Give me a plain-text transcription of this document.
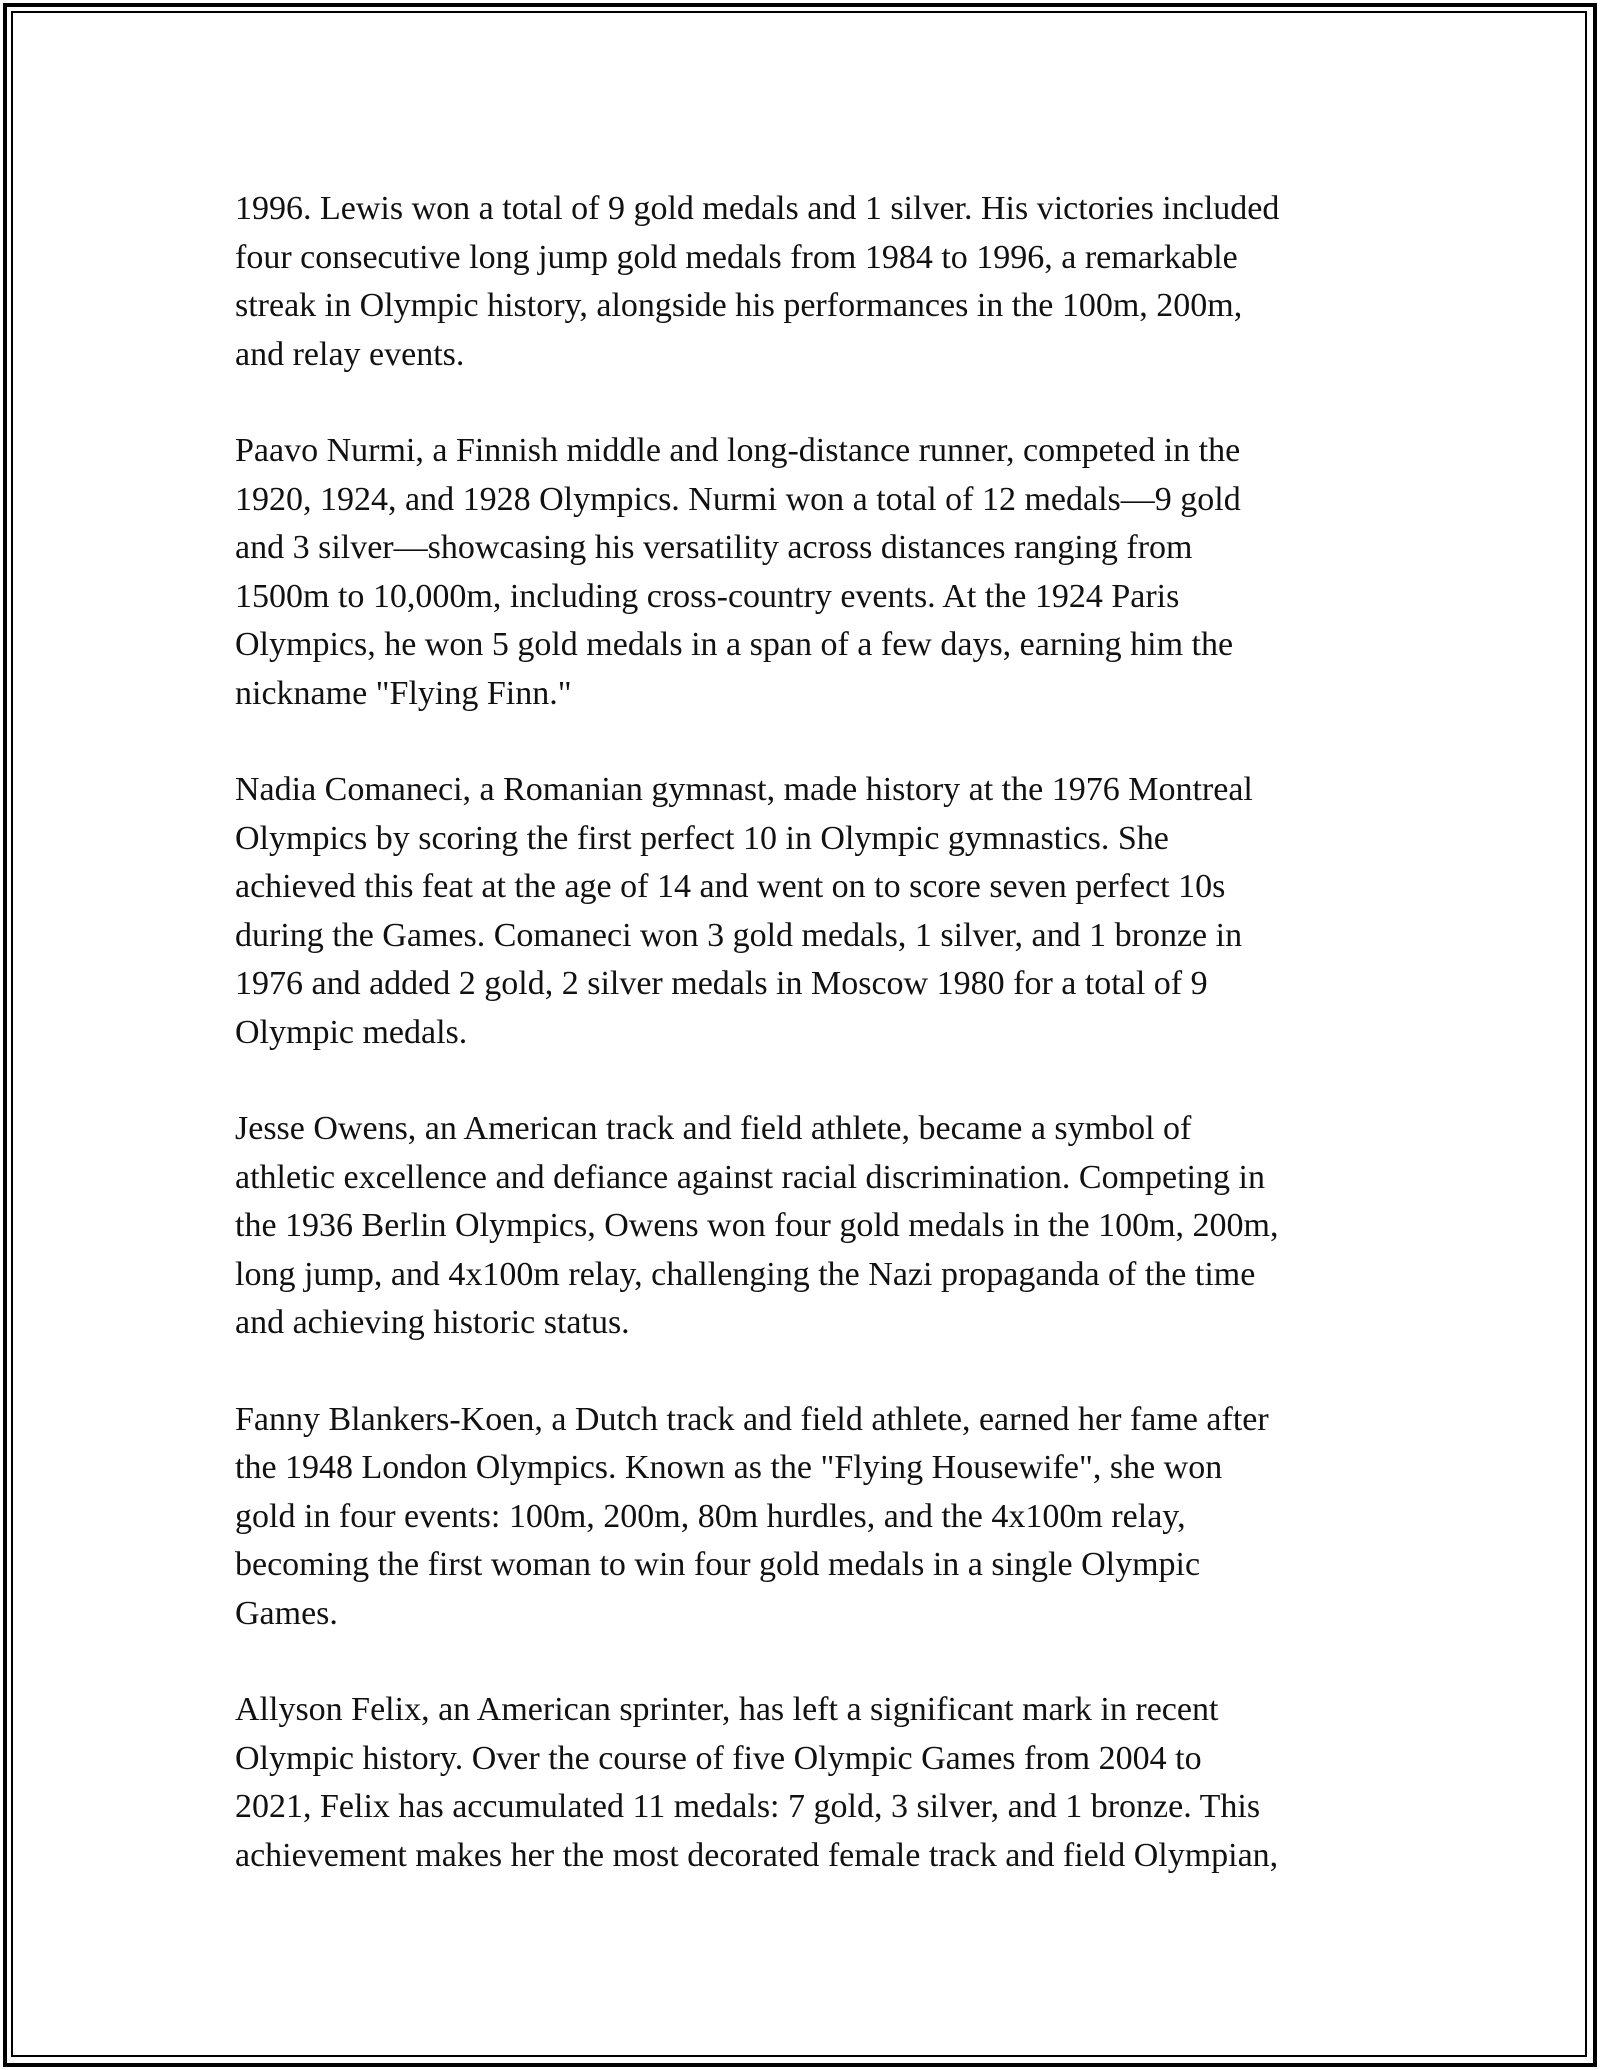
1996. Lewis won a total of 9 gold medals and 1 silver. His victories included
four consecutive long jump gold medals from 1984 to 1996, a remarkable
streak in Olympic history, alongside his performances in the 100m, 200m,
and relay events.

Paavo Nurmi, a Finnish middle and long-distance runner, competed in the
1920, 1924, and 1928 Olympics. Nurmi won a total of 12 medals—9 gold
and 3 silver—showcasing his versatility across distances ranging from
1500m to 10,000m, including cross-country events. At the 1924 Paris
Olympics, he won 5 gold medals in a span of a few days, earning him the
nickname "Flying Finn."

Nadia Comaneci, a Romanian gymnast, made history at the 1976 Montreal
Olympics by scoring the first perfect 10 in Olympic gymnastics. She
achieved this feat at the age of 14 and went on to score seven perfect 10s
during the Games. Comaneci won 3 gold medals, 1 silver, and 1 bronze in
1976 and added 2 gold, 2 silver medals in Moscow 1980 for a total of 9
Olympic medals.

Jesse Owens, an American track and field athlete, became a symbol of
athletic excellence and defiance against racial discrimination. Competing in
the 1936 Berlin Olympics, Owens won four gold medals in the 100m, 200m,
long jump, and 4x100m relay, challenging the Nazi propaganda of the time
and achieving historic status.

Fanny Blankers-Koen, a Dutch track and field athlete, earned her fame after
the 1948 London Olympics. Known as the "Flying Housewife", she won
gold in four events: 100m, 200m, 80m hurdles, and the 4x100m relay,
becoming the first woman to win four gold medals in a single Olympic
Games.

Allyson Felix, an American sprinter, has left a significant mark in recent
Olympic history. Over the course of five Olympic Games from 2004 to
2021, Felix has accumulated 11 medals: 7 gold, 3 silver, and 1 bronze. This
achievement makes her the most decorated female track and field Olympian,
